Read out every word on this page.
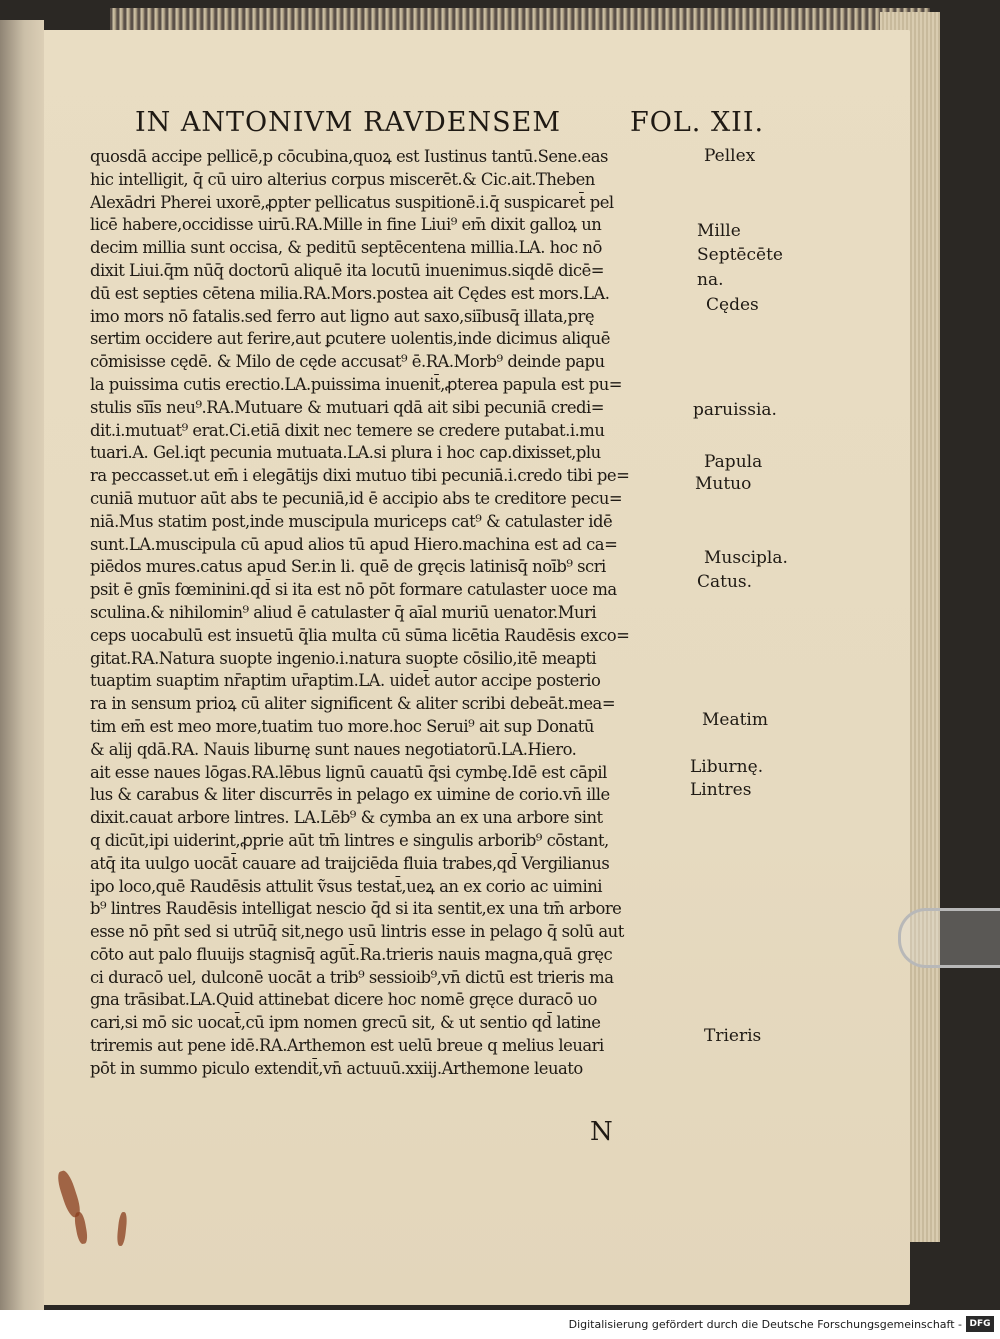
IN ANTONIVM RAVDENSEM	FOL. XII.
quosdā accipe pellicē,p cōcubina,quoꝝ est Iustinus tantū.Sene.eas
hic intelligit, q̄ cū uiro alterius corpus miscerēt.& Cic.ait.Theben
Alexādri Pherei uxorē,ꝓpter pellicatus suspitionē.i.q̄ suspicaret̄ pel
licē habere,occidisse uirū.RA.Mille in fine Liui⁹ em̄ dixit galloꝝ un
decim millia sunt occisa, & peditū septēcentena millia.LA. hoc nō
dixit Liui.q̄m nūq̄ doctorū aliquē ita locutū inuenimus.siqdē dicē=
dū est septies cētena milia.RA.Mors.postea ait Cędes est mors.LA.
imo mors nō fatalis.sed ferro aut ligno aut saxo,siībusq̄ illata,prę
sertim occidere aut ferire,aut ꝑcutere uolentis,inde dicimus aliquē
cōmisisse cędē. & Milo de cęde accusat⁹ ē.RA.Morb⁹ deinde papu
la puissima cutis erectio.LA.puissima inuenit̄,ꝓterea papula est pu=
stulis sīīs neu⁹.RA.Mutuare & mutuari qdā ait sibi pecuniā credi=
dit.i.mutuat⁹ erat.Ci.etiā dixit nec temere se credere putabat.i.mu
tuari.A. Gel.iqt pecunia mutuata.LA.si plura i hoc cap.dixisset,plu
ra peccasset.ut em̄ i elegātijs dixi mutuo tibi pecuniā.i.credo tibi pe=
cuniā mutuor aūt abs te pecuniā,id ē accipio abs te creditore pecu=
niā.Mus statim post,inde muscipula muriceps cat⁹ & catulaster idē
sunt.LA.muscipula cū apud alios tū apud Hiero.machina est ad ca=
piēdos mures.catus apud Ser.in li. quē de gręcis latinisq̄ noīb⁹ scri
psit ē gnīs fœminini.qd̄ si ita est nō pōt formare catulaster uoce ma
sculina.& nihilomin⁹ aliud ē catulaster q̄ aīal muriū uenator.Muri
ceps uocabulū est insuetū q̄lia multa cū sūma licētia Raudēsis exco=
gitat.RA.Natura suopte ingenio.i.natura suopte cōsilio,itē meapti
tuaptim suaptim nr̄aptim ur̄aptim.LA. uidet̄ autor accipe posterio
ra in sensum prioꝝ cū aliter significent & aliter scribi debeāt.mea=
tim em̄ est meo more,tuatim tuo more.hoc Serui⁹ ait sup Donatū
& alij qdā.RA. Nauis liburnę sunt naues negotiatorū.LA.Hiero.
ait esse naues lōgas.RA.lēbus lignū cauatū q̄si cymbę.Idē est cāpil
lus & carabus & liter discurrēs in pelago ex uimine de corio.vn̄ ille
dixit.cauat arbore lintres. LA.Lēb⁹ & cymba an ex una arbore sint
q dicūt,ipi uiderint,ꝓprie aūt tm̄ lintres e singulis arborib⁹ cōstant,
atq̄ ita uulgo uocāt̄ cauare ad traijciēda fluia trabes,qd̄ Vergilianus
ipo loco,quē Raudēsis attulit ṽsus testat̄,ueꝝ an ex corio ac uimini
b⁹ lintres Raudēsis intelligat nescio q̄d si ita sentit,ex una tm̄ arbore
esse nō pn̄t sed si utrūq̄ sit,nego usū lintris esse in pelago q̄ solū aut
cōto aut palo fluuijs stagnisq̄ agūt̄.Ra.trieris nauis magna,quā gręc
ci duracō uel, dulconē uocāt a trib⁹ sessioib⁹,vn̄ dictū est trieris ma
gna trāsibat.LA.Quid attinebat dicere hoc nomē gręce duracō uo
cari,si mō sic uocat̄,cū ipm nomen grecū sit, & ut sentio qd̄ latine
triremis aut pene idē.RA.Arthemon est uelū breue q melius leuari
pōt in summo piculo extendit̄,vn̄ actuuū.xxiij.Arthemone leuato
Pellex
Mille
Septēcēte
na.
Cędes
paruissia.
Papula
Mutuo
Muscipla.
Catus.
Meatim
Liburnę.
Lintres
Trieris
N
Digitalisierung gefördert durch die Deutsche Forschungsgemeinschaft - DFG
